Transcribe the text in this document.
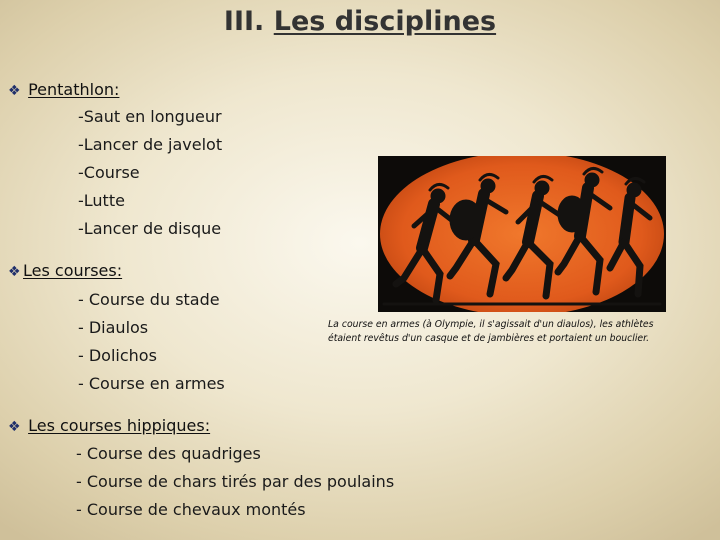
III. Les disciplines
❖ Pentathlon:
-Saut en longueur
-Lancer de javelot
-Course
-Lutte
-Lancer de disque
❖ Les courses:
- Course du stade
- Diaulos
- Dolichos
- Course en armes
❖ Les courses hippiques:
- Course des quadriges
- Course de chars tirés par des poulains
- Course de chevaux montés
La course en armes (à Olympie, il s'agissait d'un diaulos), les athlètes étaient revêtus d'un casque et de jambières et portaient un bouclier.
